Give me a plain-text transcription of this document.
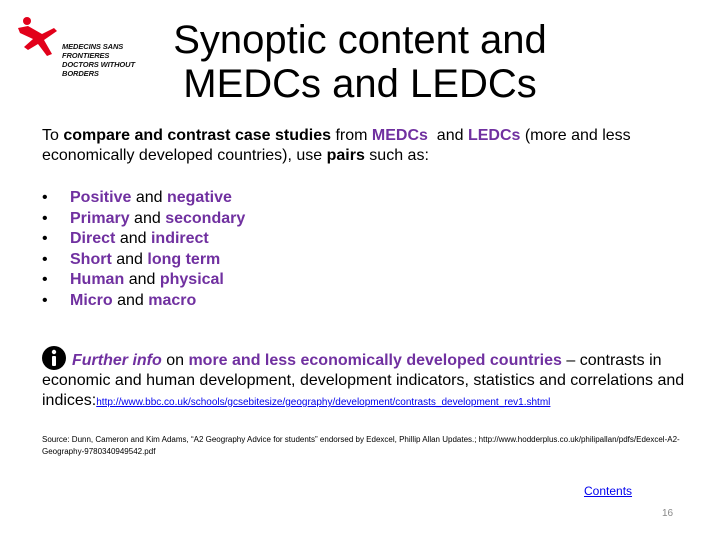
MEDECINS SANS FRONTIERES
DOCTORS WITHOUT BORDERS
Synoptic content and
MEDCs and LEDCs
To compare and contrast case studies from MEDCs  and LEDCs (more and less economically developed countries), use pairs such as:
• Positive and negative
• Primary and secondary
• Direct and indirect
• Short and long term
• Human and physical
• Micro and macro
Further info on more and less economically developed countries – contrasts in economic and human development, development indicators, statistics and correlations and indices:http://www.bbc.co.uk/schools/gcsebitesize/geography/development/contrasts_development_rev1.shtml
Source: Dunn, Cameron and Kim Adams, “A2 Geography Advice for students” endorsed by Edexcel, Phillip Allan Updates.; http://www.hodderplus.co.uk/philipallan/pdfs/Edexcel-A2-Geography-9780340949542.pdf
Contents
16
